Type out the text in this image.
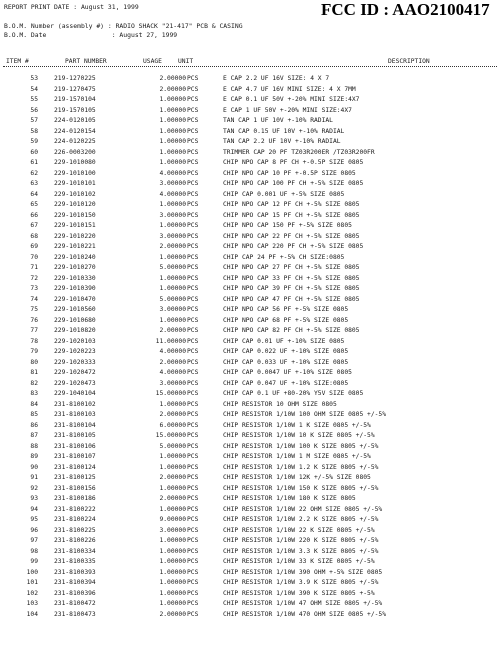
REPORT PRINT DATE : August 31, 1999	FCC ID : AAO2100417
B.O.M. Number (assembly #) : RADIO SHACK "21-417" PCB & CASING
B.O.M. Date                 : August 27, 1999
ITEM #	PART NUMBER	USAGE	UNIT	DESCRIPTION
53	219-1270225	2.00000 PCS	E CAP 2.2 UF 16V SIZE: 4 X 7
54	219-1270475	2.00000 PCS	E CAP 4.7 UF 16V MINI SIZE: 4 X 7MM
55	219-1570104	1.00000 PCS	E CAP 0.1 UF 50V +-20% MINI SIZE:4X7
56	219-1570105	1.00000 PCS	E CAP 1 UF 50V +-20% MINI SIZE:4X7
57	224-0120105	1.00000 PCS	TAN CAP 1 UF 10V +-10% RADIAL
58	224-0120154	1.00000 PCS	TAN CAP 0.15 UF 10V +-10% RADIAL
59	224-0120225	1.00000 PCS	TAN CAP 2.2 UF 10V +-10% RADIAL
60	226-0003200	1.00000 PCS	TRIMMER CAP 20 PF TZ03R200ER /TZ03R200FR
61	229-1010080	1.00000 PCS	CHIP NPO CAP 8 PF CH +-0.5P SIZE 0805
62	229-1010100	4.00000 PCS	CHIP NPO CAP 10 PF +-0.5P SIZE 0805
63	229-1010101	3.00000 PCS	CHIP NPO CAP 100 PF CH +-5% SIZE 0805
64	229-1010102	4.00000 PCS	CHIP CAP 0.001 UF +-5% SIZE 0805
65	229-1010120	1.00000 PCS	CHIP NPO CAP 12 PF CH +-5% SIZE 0805
66	229-1010150	3.00000 PCS	CHIP NPO CAP 15 PF CH +-5% SIZE 0805
67	229-1010151	1.00000 PCS	CHIP NPO CAP 150 PF +-5% SIZE 0805
68	229-1010220	3.00000 PCS	CHIP NPO CAP 22 PF CH +-5% SIZE 0805
69	229-1010221	2.00000 PCS	CHIP NPO CAP 220 PF CH +-5% SIZE 0805
70	229-1010240	1.00000 PCS	CHIP CAP 24 PF +-5% CH SIZE:0805
71	229-1010270	5.00000 PCS	CHIP NPO CAP 27 PF CH +-5% SIZE 0805
72	229-1010330	1.00000 PCS	CHIP NPO CAP 33 PF CH +-5% SIZE 0805
73	229-1010390	1.00000 PCS	CHIP NPO CAP 39 PF CH +-5% SIZE 0805
74	229-1010470	5.00000 PCS	CHIP NPO CAP 47 PF CH +-5% SIZE 0805
75	229-1010560	3.00000 PCS	CHIP NPO CAP 56 PF +-5% SIZE 0805
76	229-1010680	1.00000 PCS	CHIP NPO CAP 68 PF +-5% SIZE 0805
77	229-1010820	2.00000 PCS	CHIP NPO CAP 82 PF CH +-5% SIZE 0805
78	229-1020103	11.00000 PCS	CHIP CAP 0.01 UF +-10% SIZE 0805
79	229-1020223	4.00000 PCS	CHIP CAP 0.022 UF +-10% SIZE 0805
80	229-1020333	2.00000 PCS	CHIP CAP 0.033 UF +-10% SIZE 0805
81	229-1020472	4.00000 PCS	CHIP CAP 0.0047 UF +-10% SIZE 0805
82	229-1020473	3.00000 PCS	CHIP CAP 0.047 UF +-10% SIZE:0805
83	229-1040104	15.00000 PCS	CHIP CAP 0.1 UF +80-20% Y5V SIZE 0805
84	231-8100102	1.00000 PCS	CHIP RESISTOR 10 OHM SIZE 0805
85	231-8100103	2.00000 PCS	CHIP RESISTOR 1/10W 100 OHM SIZE 0805 +/-5%
86	231-8100104	6.00000 PCS	CHIP RESISTOR 1/10W 1 K SIZE 0805 +/-5%
87	231-8100105	15.00000 PCS	CHIP RESISTOR 1/10W 10 K SIZE 0805 +/-5%
88	231-8100106	5.00000 PCS	CHIP RESISTOR 1/10W 100 K SIZE 0805 +/-5%
89	231-8100107	1.00000 PCS	CHIP RESISTOR 1/10W 1 M SIZE 0805 +/-5%
90	231-8100124	1.00000 PCS	CHIP RESISTOR 1/10W 1.2 K SIZE 0805 +/-5%
91	231-8100125	2.00000 PCS	CHIP RESISTOR 1/10W 12K +/-5% SIZE 0805
92	231-8100156	1.00000 PCS	CHIP RESISTOR 1/10W 150 K SIZE 0805 +/-5%
93	231-8100186	2.00000 PCS	CHIP RESISTOR 1/10W 180 K SIZE 0805
94	231-8100222	1.00000 PCS	CHIP RESISTOR 1/10W 22 OHM SIZE 0805 +/-5%
95	231-8100224	9.00000 PCS	CHIP RESISTOR 1/10W 2.2 K SIZE 0805 +/-5%
96	231-8100225	3.00000 PCS	CHIP RESISTOR 1/10W 22 K SIZE 0805 +/-5%
97	231-8100226	1.00000 PCS	CHIP RESISTOR 1/10W 220 K SIZE 0805 +/-5%
98	231-8100334	1.00000 PCS	CHIP RESISTOR 1/10W 3.3 K SIZE 0805 +/-5%
99	231-8100335	1.00000 PCS	CHIP RESISTOR 1/10W 33 K SIZE 0805 +/-5%
100	231-8100393	1.00000 PCS	CHIP RESISTOR 1/10W 390 OHM +-5% SIZE 0805
101	231-8100394	1.00000 PCS	CHIP RESISTOR 1/10W 3.9 K SIZE 0805 +/-5%
102	231-8100396	1.00000 PCS	CHIP RESISTOR 1/10W 390 K SIZE 0805 +-5%
103	231-8100472	1.00000 PCS	CHIP RESISTOR 1/10W 47 OHM SIZE 0805 +/-5%
104	231-8100473	2.00000 PCS	CHIP RESISTOR 1/10W 470 OHM SIZE 0805 +/-5%
